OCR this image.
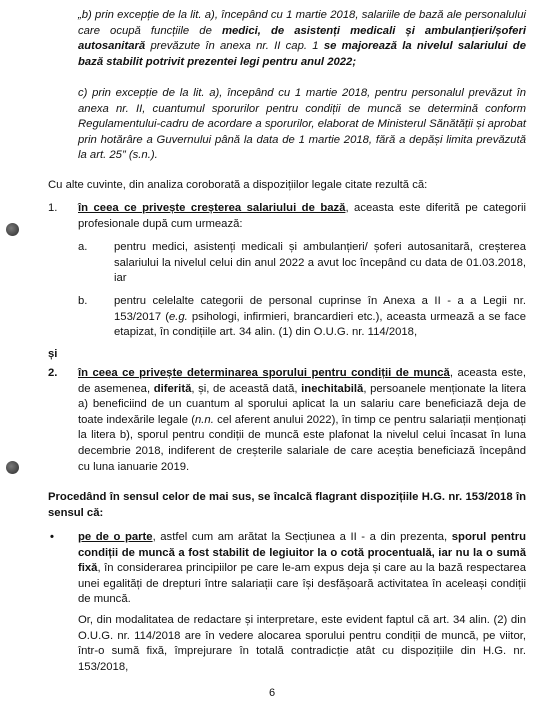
„b) prin excepție de la lit. a), începând cu 1 martie 2018, salariile de bază ale personalului care ocupă funcțiile de medici, de asistenți medicali și ambulanțieri/șoferi autosanitară prevăzute în anexa nr. II cap. 1 se majorează la nivelul salariului de bază stabilit potrivit prezentei legi pentru anul 2022;

c) prin excepție de la lit. a), începând cu 1 martie 2018, pentru personalul prevăzut în anexa nr. II, cuantumul sporurilor pentru condiții de muncă se determină conform Regulamentului-cadru de acordare a sporurilor, elaborat de Ministerul Sănătății și aprobat prin hotărâre a Guvernului până la data de 1 martie 2018, fără a depăși limita prevăzută la art. 25” (s.n.).

Cu alte cuvinte, din analiza coroborată a dispozițiilor legale citate rezultă că:

1. în ceea ce privește creșterea salariului de bază, aceasta este diferită pe categorii profesionale după cum urmează:

a. pentru medici, asistenți medicali și ambulanțieri/ șoferi autosanitară, creșterea salariului la nivelul celui din anul 2022 a avut loc începând cu data de 01.03.2018, iar

b. pentru celelalte categorii de personal cuprinse în Anexa a II - a a Legii nr. 153/2017 (e.g. psihologi, infirmieri, brancardieri etc.), aceasta urmează a se face etapizat, în condițiile art. 34 alin. (1) din O.U.G. nr. 114/2018,

și

2. în ceea ce privește determinarea sporului pentru condiții de muncă, aceasta este, de asemenea, diferită, și, de această dată, inechitabilă, persoanele menționate la litera a) beneficiind de un cuantum al sporului aplicat la un salariu care beneficiază deja de toate indexările legale (n.n. cel aferent anului 2022), în timp ce pentru salariații menționați la litera b), sporul pentru condiții de muncă este plafonat la nivelul celui încasat în luna decembrie 2018, indiferent de creșterile salariale de care aceștia beneficiază începând cu luna ianuarie 2019.

Procedând în sensul celor de mai sus, se încalcă flagrant dispozițiile H.G. nr. 153/2018 în sensul că:

• pe de o parte, astfel cum am arătat la Secțiunea a II - a din prezenta, sporul pentru condiții de muncă a fost stabilit de legiuitor la o cotă procentuală, iar nu la o sumă fixă, în considerarea principiilor pe care le-am expus deja și care au la bază respectarea unei egalități de drepturi între salariații care își desfășoară activitatea în aceleași condiții de muncă.

Or, din modalitatea de redactare și interpretare, este evident faptul că art. 34 alin. (2) din O.U.G. nr. 114/2018 are în vedere alocarea sporului pentru condiții de muncă, pe viitor, într-o sumă fixă, împrejurare în totală contradicție atât cu dispozițiile din H.G. nr. 153/2018,

6
